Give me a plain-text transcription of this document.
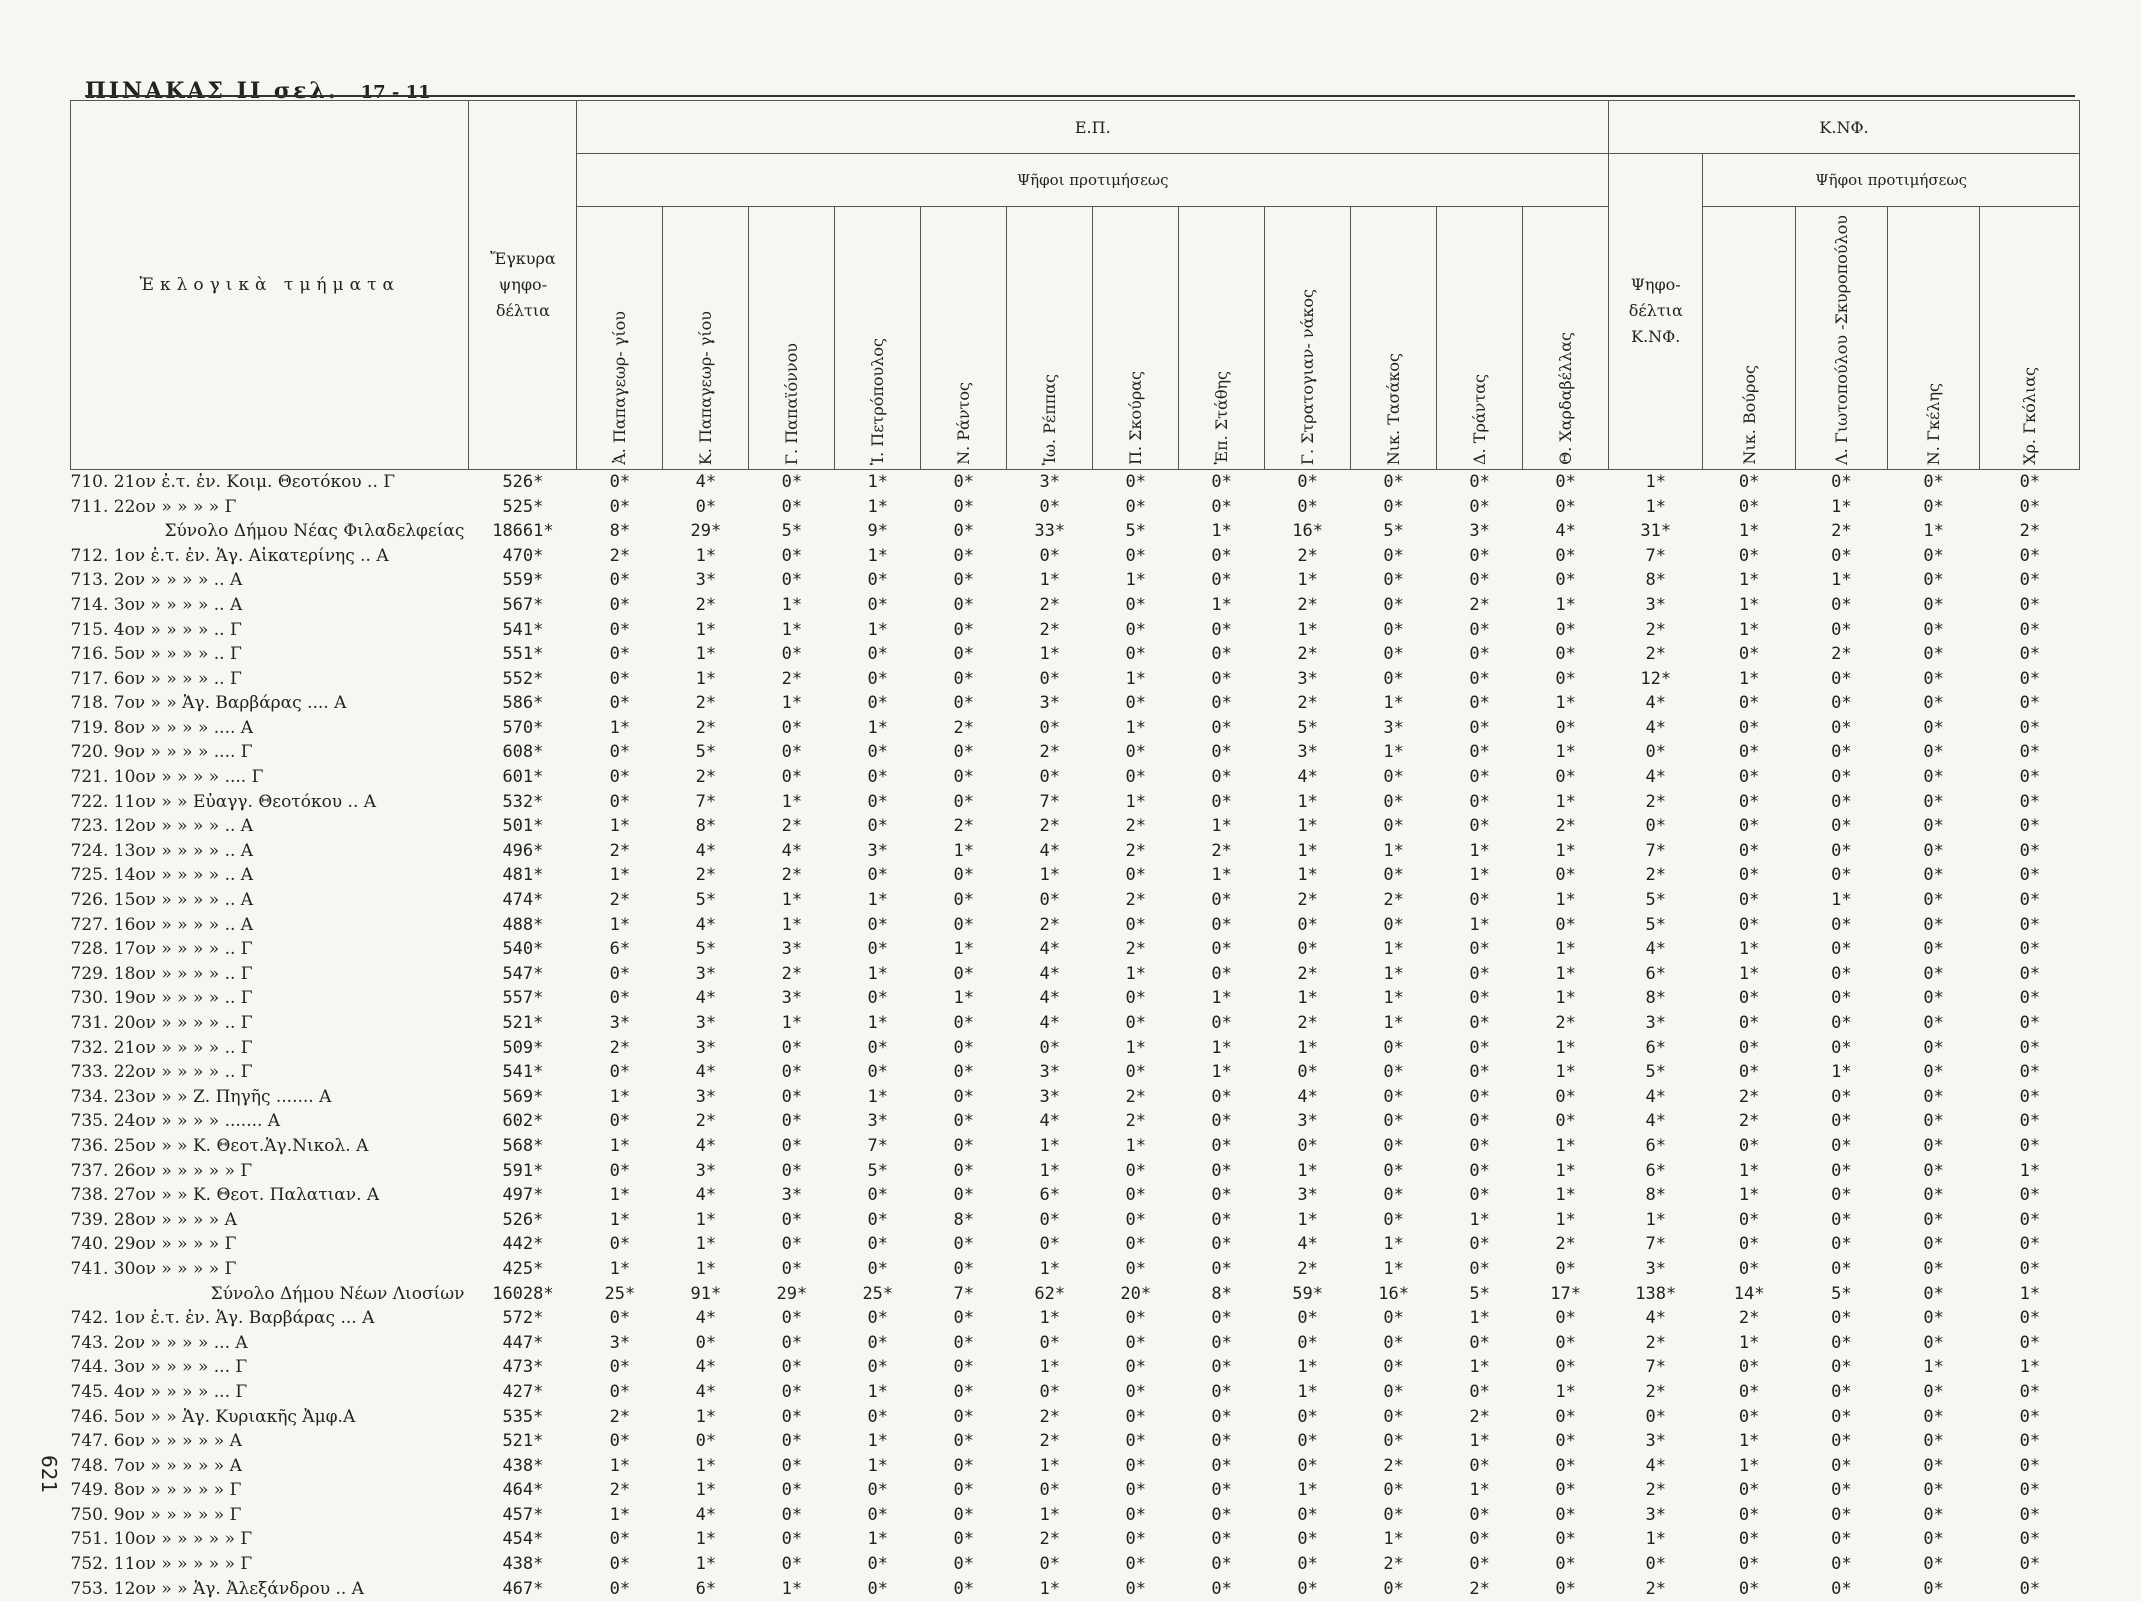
ΠΙΝΑΚΑΣ ΙΙ σελ. 17 - 11
621
Ἐκλογικὰ τμήματα	Ἔγκυρα ψηφο- δέλτια	Ε.Π.												Κ.ΝΦ.				
		Ψῆφοι προτιμήσεως												Ψηφο- δέλτια Κ.ΝΦ.	Ψῆφοι προτιμήσεως			
		Ἀ. Παπαγεωρ- γίου	Κ. Παπαγεωρ- γίου	Γ. Παπαϊόννου	Ἰ. Πετρόπουλος	Ν. Ράντος	Ἰω. Ρέππας	Π. Σκούρας	Ἐπ. Στάθης	Γ. Στρατογιαν- νάκος	Νικ. Τασάκος	Δ. Τράντας	Θ. Χαρδαβέλλας		Νικ. Βούρος	Λ. Γιωτοπούλου -Σκυροπούλου	Ν. Γκέλης	Χρ. Γκόλιας
710. 21ον ἐ.τ. ἐν. Κοιμ. Θεοτόκου .. Γ	526*	0*	4*	0*	1*	0*	3*	0*	0*	0*	0*	0*	0*	1*	0*	0*	0*	0*
711. 22ον » » » » Γ	525*	0*	0*	0*	1*	0*	0*	0*	0*	0*	0*	0*	0*	1*	0*	1*	0*	0*
Σύνολο Δήμου Νέας Φιλαδελφείας	18661*	8*	29*	5*	9*	0*	33*	5*	1*	16*	5*	3*	4*	31*	1*	2*	1*	2*
712. 1ον ἐ.τ. ἐν. Ἁγ. Αἰκατερίνης .. Α	470*	2*	1*	0*	1*	0*	0*	0*	0*	2*	0*	0*	0*	7*	0*	0*	0*	0*
713. 2ον » » » » .. Α	559*	0*	3*	0*	0*	0*	1*	1*	0*	1*	0*	0*	0*	8*	1*	1*	0*	0*
714. 3ον » » » » .. Α	567*	0*	2*	1*	0*	0*	2*	0*	1*	2*	0*	2*	1*	3*	1*	0*	0*	0*
715. 4ον » » » » .. Γ	541*	0*	1*	1*	1*	0*	2*	0*	0*	1*	0*	0*	0*	2*	1*	0*	0*	0*
716. 5ον » » » » .. Γ	551*	0*	1*	0*	0*	0*	1*	0*	0*	2*	0*	0*	0*	2*	0*	2*	0*	0*
717. 6ον » » » » .. Γ	552*	0*	1*	2*	0*	0*	0*	1*	0*	3*	0*	0*	0*	12*	1*	0*	0*	0*
718. 7ον » » Ἁγ. Βαρβάρας .... Α	586*	0*	2*	1*	0*	0*	3*	0*	0*	2*	1*	0*	1*	4*	0*	0*	0*	0*
719. 8ον » » » » .... Α	570*	1*	2*	0*	1*	2*	0*	1*	0*	5*	3*	0*	0*	4*	0*	0*	0*	0*
720. 9ον » » » » .... Γ	608*	0*	5*	0*	0*	0*	2*	0*	0*	3*	1*	0*	1*	0*	0*	0*	0*	0*
721. 10ον » » » » .... Γ	601*	0*	2*	0*	0*	0*	0*	0*	0*	4*	0*	0*	0*	4*	0*	0*	0*	0*
722. 11ον » » Εὐαγγ. Θεοτόκου .. Α	532*	0*	7*	1*	0*	0*	7*	1*	0*	1*	0*	0*	1*	2*	0*	0*	0*	0*
723. 12ον » » » » .. Α	501*	1*	8*	2*	0*	2*	2*	2*	1*	1*	0*	0*	2*	0*	0*	0*	0*	0*
724. 13ον » » » » .. Α	496*	2*	4*	4*	3*	1*	4*	2*	2*	1*	1*	1*	1*	7*	0*	0*	0*	0*
725. 14ον » » » » .. Α	481*	1*	2*	2*	0*	0*	1*	0*	1*	1*	0*	1*	0*	2*	0*	0*	0*	0*
726. 15ον » » » » .. Α	474*	2*	5*	1*	1*	0*	0*	2*	0*	2*	2*	0*	1*	5*	0*	1*	0*	0*
727. 16ον » » » » .. Α	488*	1*	4*	1*	0*	0*	2*	0*	0*	0*	0*	1*	0*	5*	0*	0*	0*	0*
728. 17ον » » » » .. Γ	540*	6*	5*	3*	0*	1*	4*	2*	0*	0*	1*	0*	1*	4*	1*	0*	0*	0*
729. 18ον » » » » .. Γ	547*	0*	3*	2*	1*	0*	4*	1*	0*	2*	1*	0*	1*	6*	1*	0*	0*	0*
730. 19ον » » » » .. Γ	557*	0*	4*	3*	0*	1*	4*	0*	1*	1*	1*	0*	1*	8*	0*	0*	0*	0*
731. 20ον » » » » .. Γ	521*	3*	3*	1*	1*	0*	4*	0*	0*	2*	1*	0*	2*	3*	0*	0*	0*	0*
732. 21ον » » » » .. Γ	509*	2*	3*	0*	0*	0*	0*	1*	1*	1*	0*	0*	1*	6*	0*	0*	0*	0*
733. 22ον » » » » .. Γ	541*	0*	4*	0*	0*	0*	3*	0*	1*	0*	0*	0*	1*	5*	0*	1*	0*	0*
734. 23ον » » Ζ. Πηγῆς ....... Α	569*	1*	3*	0*	1*	0*	3*	2*	0*	4*	0*	0*	0*	4*	2*	0*	0*	0*
735. 24ον » » » » ....... Α	602*	0*	2*	0*	3*	0*	4*	2*	0*	3*	0*	0*	0*	4*	2*	0*	0*	0*
736. 25ον » » Κ. Θεοτ.Ἁγ.Νικολ. Α	568*	1*	4*	0*	7*	0*	1*	1*	0*	0*	0*	0*	1*	6*	0*	0*	0*	0*
737. 26ον » » » » » Γ	591*	0*	3*	0*	5*	0*	1*	0*	0*	1*	0*	0*	1*	6*	1*	0*	0*	1*
738. 27ον » » Κ. Θεοτ. Παλατιαν. Α	497*	1*	4*	3*	0*	0*	6*	0*	0*	3*	0*	0*	1*	8*	1*	0*	0*	0*
739. 28ον » » » » Α	526*	1*	1*	0*	0*	8*	0*	0*	0*	1*	0*	1*	1*	1*	0*	0*	0*	0*
740. 29ον » » » » Γ	442*	0*	1*	0*	0*	0*	0*	0*	0*	4*	1*	0*	2*	7*	0*	0*	0*	0*
741. 30ον » » » » Γ	425*	1*	1*	0*	0*	0*	1*	0*	0*	2*	1*	0*	0*	3*	0*	0*	0*	0*
Σύνολο Δήμου Νέων Λιοσίων	16028*	25*	91*	29*	25*	7*	62*	20*	8*	59*	16*	5*	17*	138*	14*	5*	0*	1*
742. 1ον ἐ.τ. ἐν. Ἁγ. Βαρβάρας ... Α	572*	0*	4*	0*	0*	0*	1*	0*	0*	0*	0*	1*	0*	4*	2*	0*	0*	0*
743. 2ον » » » » ... Α	447*	3*	0*	0*	0*	0*	0*	0*	0*	0*	0*	0*	0*	2*	1*	0*	0*	0*
744. 3ον » » » » ... Γ	473*	0*	4*	0*	0*	0*	1*	0*	0*	1*	0*	1*	0*	7*	0*	0*	1*	1*
745. 4ον » » » » ... Γ	427*	0*	4*	0*	1*	0*	0*	0*	0*	1*	0*	0*	1*	2*	0*	0*	0*	0*
746. 5ον » » Ἁγ. Κυριακῆς Ἀμφ.Α	535*	2*	1*	0*	0*	0*	2*	0*	0*	0*	0*	2*	0*	0*	0*	0*	0*	0*
747. 6ον » » » » » Α	521*	0*	0*	0*	1*	0*	2*	0*	0*	0*	0*	1*	0*	3*	1*	0*	0*	0*
748. 7ον » » » » » Α	438*	1*	1*	0*	1*	0*	1*	0*	0*	0*	2*	0*	0*	4*	1*	0*	0*	0*
749. 8ον » » » » » Γ	464*	2*	1*	0*	0*	0*	0*	0*	0*	1*	0*	1*	0*	2*	0*	0*	0*	0*
750. 9ον » » » » » Γ	457*	1*	4*	0*	0*	0*	1*	0*	0*	0*	0*	0*	0*	3*	0*	0*	0*	0*
751. 10ον » » » » » Γ	454*	0*	1*	0*	1*	0*	2*	0*	0*	0*	1*	0*	0*	1*	0*	0*	0*	0*
752. 11ον » » » » » Γ	438*	0*	1*	0*	0*	0*	0*	0*	0*	0*	2*	0*	0*	0*	0*	0*	0*	0*
753. 12ον » » Ἁγ. Ἀλεξάνδρου .. Α	467*	0*	6*	1*	0*	0*	1*	0*	0*	0*	0*	2*	0*	2*	0*	0*	0*	0*
